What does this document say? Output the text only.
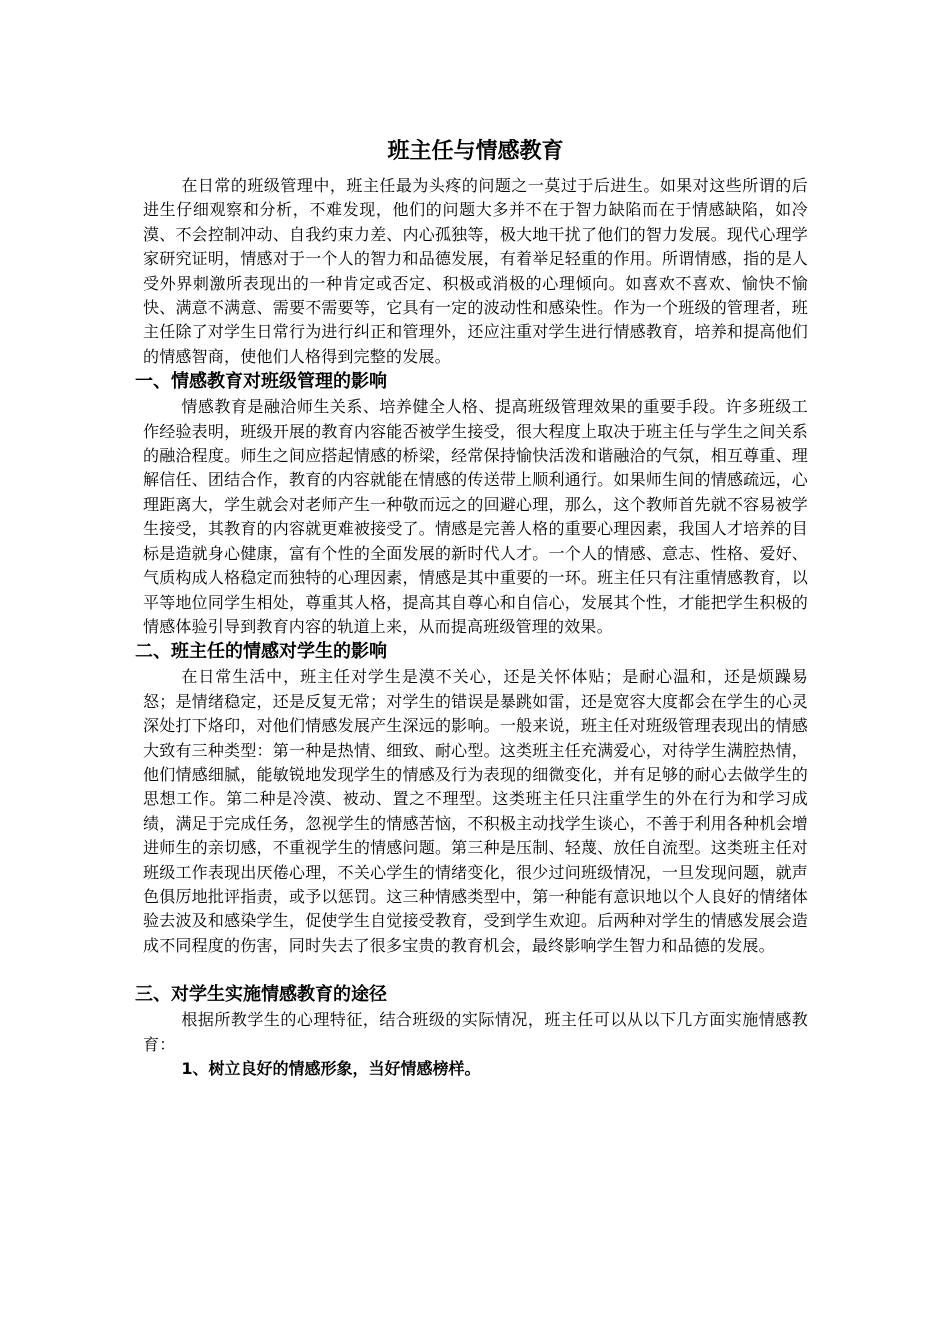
班主任与情感教育

在日常的班级管理中，班主任最为头疼的问题之一莫过于后进生。如果对这些所谓的后进生仔细观察和分析，不难发现，他们的问题大多并不在于智力缺陷而在于情感缺陷，如冷漠、不会控制冲动、自我约束力差、内心孤独等，极大地干扰了他们的智力发展。现代心理学家研究证明，情感对于一个人的智力和品德发展，有着举足轻重的作用。所谓情感，指的是人受外界刺激所表现出的一种肯定或否定、积极或消极的心理倾向。如喜欢不喜欢、愉快不愉快、满意不满意、需要不需要等，它具有一定的波动性和感染性。作为一个班级的管理者，班主任除了对学生日常行为进行纠正和管理外，还应注重对学生进行情感教育，培养和提高他们的情感智商，使他们人格得到完整的发展。

一、情感教育对班级管理的影响

情感教育是融洽师生关系、培养健全人格、提高班级管理效果的重要手段。许多班级工作经验表明，班级开展的教育内容能否被学生接受，很大程度上取决于班主任与学生之间关系的融洽程度。师生之间应搭起情感的桥梁，经常保持愉快活泼和谐融洽的气氛，相互尊重、理解信任、团结合作，教育的内容就能在情感的传送带上顺利通行。如果师生间的情感疏远，心理距离大，学生就会对老师产生一种敬而远之的回避心理，那么，这个教师首先就不容易被学生接受，其教育的内容就更难被接受了。情感是完善人格的重要心理因素，我国人才培养的目标是造就身心健康，富有个性的全面发展的新时代人才。一个人的情感、意志、性格、爱好、气质构成人格稳定而独特的心理因素，情感是其中重要的一环。班主任只有注重情感教育，以平等地位同学生相处，尊重其人格，提高其自尊心和自信心，发展其个性，才能把学生积极的情感体验引导到教育内容的轨道上来，从而提高班级管理的效果。

二、班主任的情感对学生的影响

在日常生活中，班主任对学生是漠不关心，还是关怀体贴；是耐心温和，还是烦躁易怒；是情绪稳定，还是反复无常；对学生的错误是暴跳如雷，还是宽容大度都会在学生的心灵深处打下烙印，对他们情感发展产生深远的影响。一般来说，班主任对班级管理表现出的情感大致有三种类型：第一种是热情、细致、耐心型。这类班主任充满爱心，对待学生满腔热情，他们情感细腻，能敏锐地发现学生的情感及行为表现的细微变化，并有足够的耐心去做学生的思想工作。第二种是冷漠、被动、置之不理型。这类班主任只注重学生的外在行为和学习成绩，满足于完成任务，忽视学生的情感苦恼，不积极主动找学生谈心，不善于利用各种机会增进师生的亲切感，不重视学生的情感问题。第三种是压制、轻蔑、放任自流型。这类班主任对班级工作表现出厌倦心理，不关心学生的情绪变化，很少过问班级情况，一旦发现问题，就声色俱厉地批评指责，或予以惩罚。这三种情感类型中，第一种能有意识地以个人良好的情绪体验去波及和感染学生，促使学生自觉接受教育，受到学生欢迎。后两种对学生的情感发展会造成不同程度的伤害，同时失去了很多宝贵的教育机会，最终影响学生智力和品德的发展。

三、对学生实施情感教育的途径

根据所教学生的心理特征，结合班级的实际情况，班主任可以从以下几方面实施情感教育：

1、树立良好的情感形象，当好情感榜样。
